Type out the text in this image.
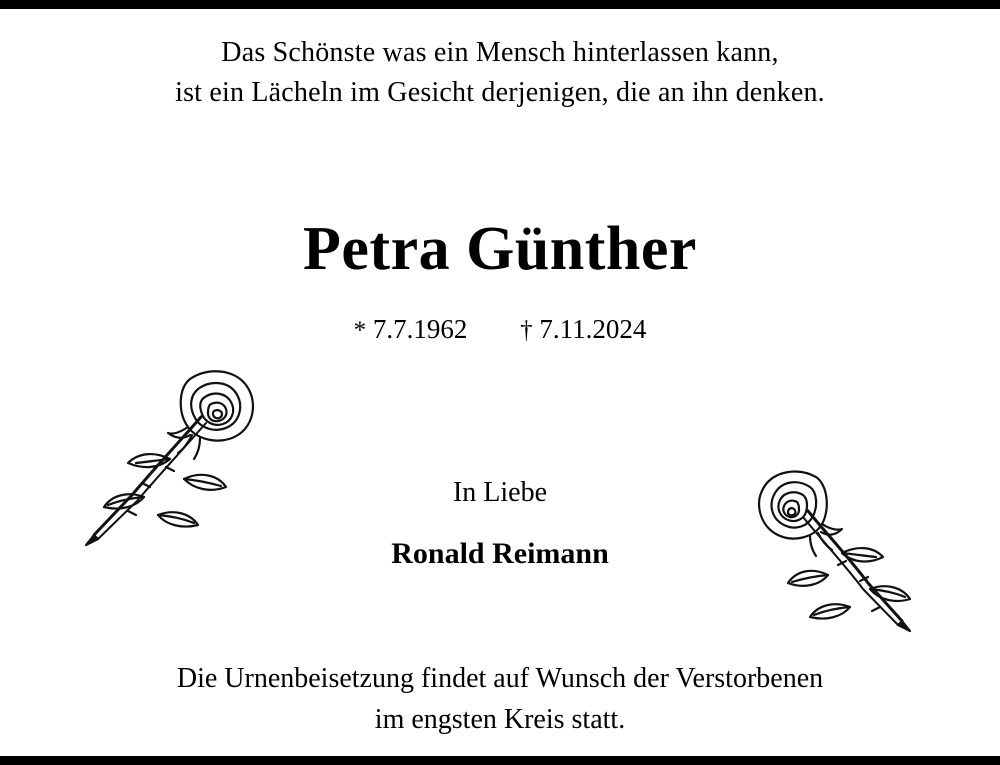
Das Schönste was ein Mensch hinterlassen kann,
ist ein Lächeln im Gesicht derjenigen, die an ihn denken.
Petra Günther
* 7.7.1962 † 7.11.2024
In Liebe
Ronald Reimann
Die Urnenbeisetzung findet auf Wunsch der Verstorbenen
im engsten Kreis statt.
